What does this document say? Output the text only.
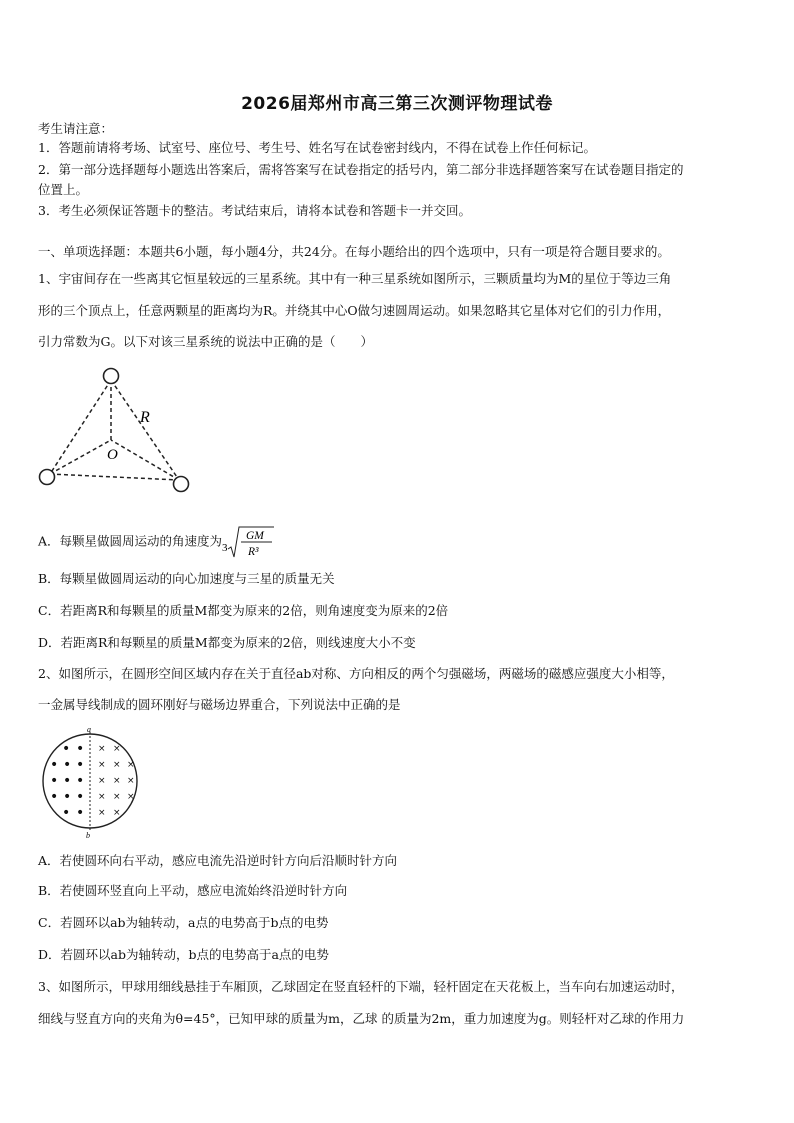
2026届郑州市高三第三次测评物理试卷
考生请注意：
1．答题前请将考场、试室号、座位号、考生号、姓名写在试卷密封线内，不得在试卷上作任何标记。
2．第一部分选择题每小题选出答案后，需将答案写在试卷指定的括号内，第二部分非选择题答案写在试卷题目指定的
位置上。
3．考生必须保证答题卡的整洁。考试结束后，请将本试卷和答题卡一并交回。
一、单项选择题：本题共6小题，每小题4分，共24分。在每小题给出的四个选项中，只有一项是符合题目要求的。
1、宇宙间存在一些离其它恒星较远的三星系统。其中有一种三星系统如图所示，三颗质量均为M的星位于等边三角
形的三个顶点上，任意两颗星的距离均为R。并绕其中心O做匀速圆周运动。如果忽略其它星体对它们的引力作用，
引力常数为G。以下对该三星系统的说法中正确的是（　　）
R
O
A．每颗星做圆周运动的角速度为 3
GM
R³
B．每颗星做圆周运动的向心加速度与三星的质量无关
C．若距离R和每颗星的质量M都变为原来的2倍，则角速度变为原来的2倍
D．若距离R和每颗星的质量M都变为原来的2倍，则线速度大小不变
2、如图所示，在圆形空间区域内存在关于直径ab对称、方向相反的两个匀强磁场，两磁场的磁感应强度大小相等，
一金属导线制成的圆环刚好与磁场边界重合，下列说法中正确的是
a
b
• •
• • •
• • •
• • •
• •
× ×
× × ×
× × ×
× × ×
× ×
A．若使圆环向右平动，感应电流先沿逆时针方向后沿顺时针方向
B．若使圆环竖直向上平动，感应电流始终沿逆时针方向
C．若圆环以ab为轴转动，a点的电势高于b点的电势
D．若圆环以ab为轴转动，b点的电势高于a点的电势
3、如图所示，甲球用细线悬挂于车厢顶，乙球固定在竖直轻杆的下端，轻杆固定在天花板上，当车向右加速运动时，
细线与竖直方向的夹角为θ=45°，已知甲球的质量为m，乙球 的质量为2m，重力加速度为g。则轻杆对乙球的作用力
